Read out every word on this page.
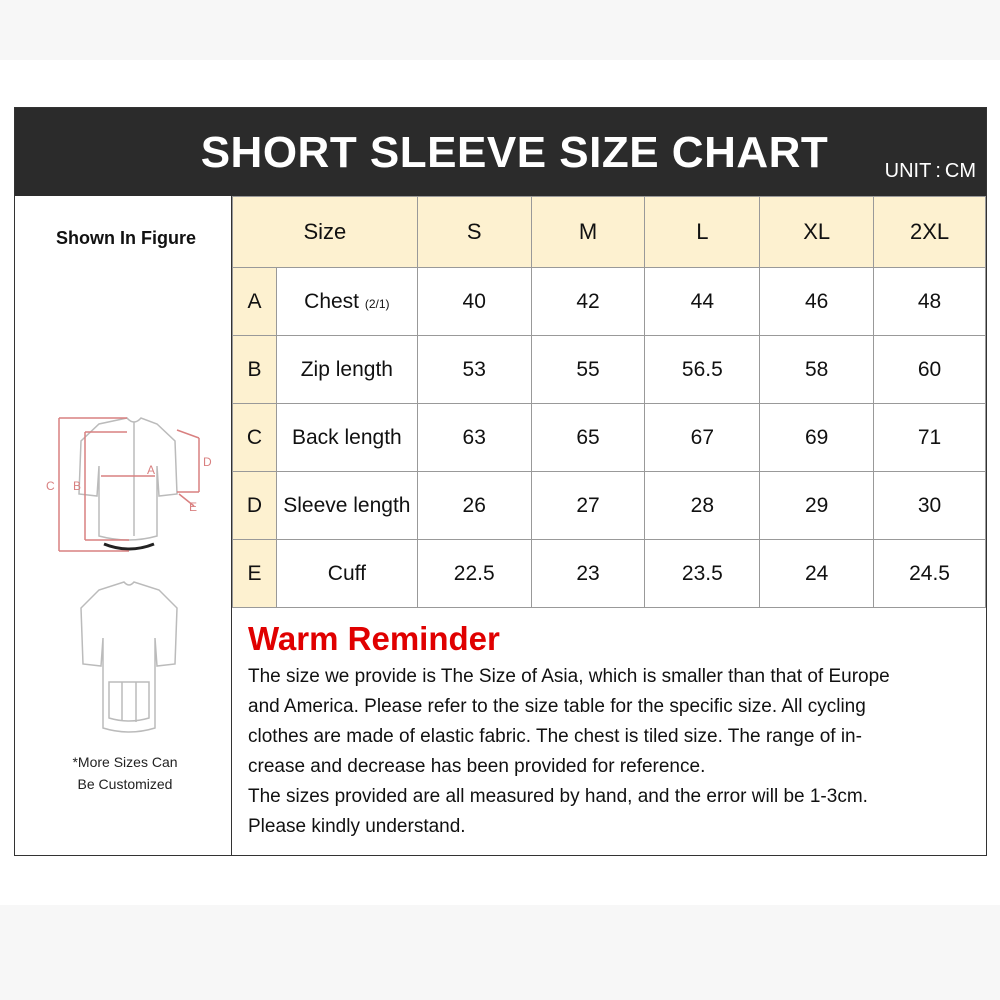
SHORT SLEEVE SIZE CHART	UNIT : CM
Shown In Figure
C B
A
D
E
*More Sizes Can
Be Customized
Size		S	M	L	XL	2XL
A	Chest (2/1)	40	42	44	46	48
B	Zip length	53	55	56.5	58	60
C	Back length	63	65	67	69	71
D	Sleeve length	26	27	28	29	30
E	Cuff	22.5	23	23.5	24	24.5
Warm Reminder

The size we provide is The Size of Asia, which is smaller than that of Europe

and America. Please refer to the size table for the specific size. All cycling

clothes are made of elastic fabric. The chest is tiled size. The range of in-

crease and decrease has been provided for reference.

The sizes provided are all measured by hand, and the error will be 1-3cm.

Please kindly understand.
